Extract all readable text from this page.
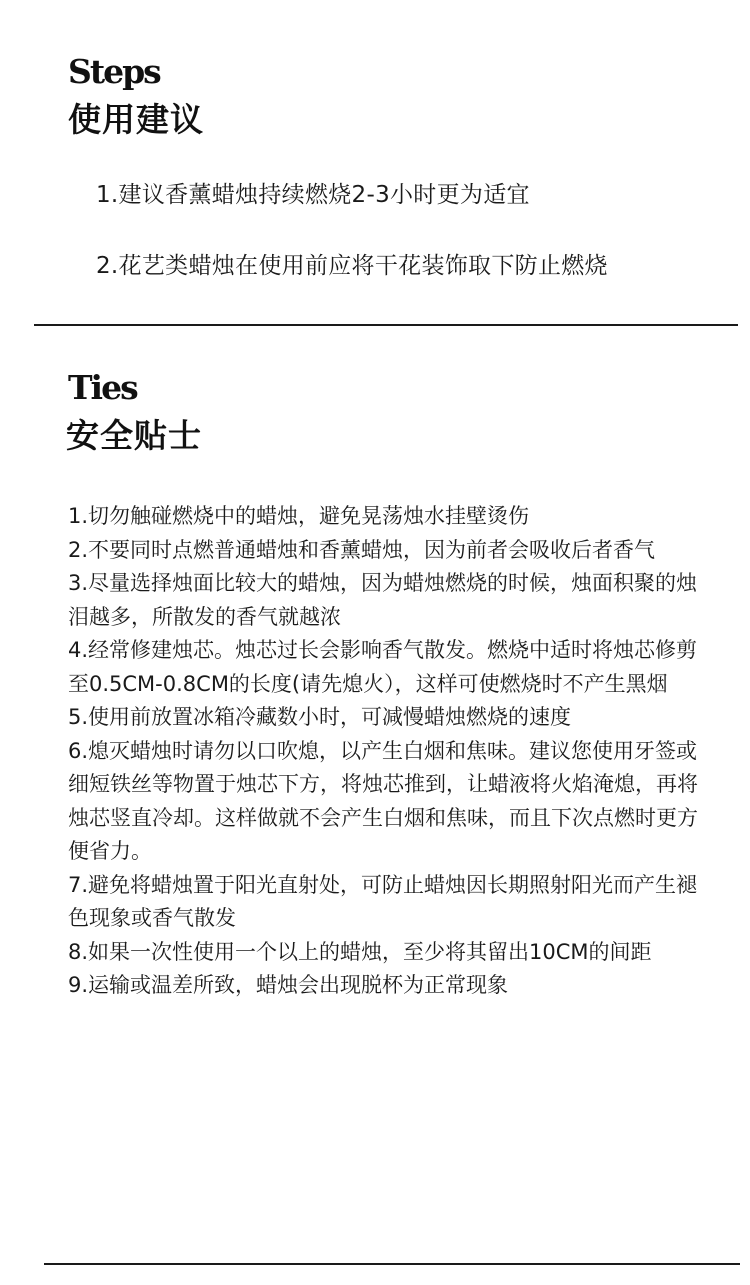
Steps
使用建议
1.建议香薰蜡烛持续燃烧2-3小时更为适宜
2.花艺类蜡烛在使用前应将干花装饰取下防止燃烧
Ties
安全贴士
1.切勿触碰燃烧中的蜡烛，避免晃荡烛水挂壁烫伤
2.不要同时点燃普通蜡烛和香薰蜡烛，因为前者会吸收后者香气
3.尽量选择烛面比较大的蜡烛，因为蜡烛燃烧的时候，烛面积聚的烛泪越多，所散发的香气就越浓
4.经常修建烛芯。烛芯过长会影响香气散发。燃烧中适时将烛芯修剪至0.5CM-0.8CM的长度(请先熄火），这样可使燃烧时不产生黑烟
5.使用前放置冰箱冷藏数小时，可减慢蜡烛燃烧的速度
6.熄灭蜡烛时请勿以口吹熄，以产生白烟和焦味。建议您使用牙签或细短铁丝等物置于烛芯下方，将烛芯推到，让蜡液将火焰淹熄，再将烛芯竖直冷却。这样做就不会产生白烟和焦味，而且下次点燃时更方便省力。
7.避免将蜡烛置于阳光直射处，可防止蜡烛因长期照射阳光而产生褪色现象或香气散发
8.如果一次性使用一个以上的蜡烛，至少将其留出10CM的间距
9.运输或温差所致，蜡烛会出现脱杯为正常现象
